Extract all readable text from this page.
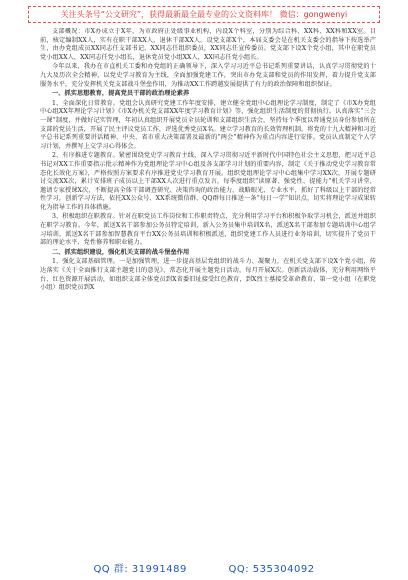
关注头条号“公文研究”，获得最新最全最专业的公文资料库！ 微信：gongwenyi

支部概况：市X办成立于X年，为市政府正处级事业机构，内设X个科室，分别为综合科、XX科、XX科和XX室。目前，核定编制XX人，实有在职干部XX人，退休干部XX人。设党支部X个，本届支委会是在机关支委会的指导下按选举产生，由办党组成员XX同志任支部书记，XX同志任组织委员，XX同志任宣传委员。党支部下设X个党小组，其中在职党员党小组XX人，XX同志任党小组长，退休党员党小组XX人，XX同志任党小组长。

今年以来，我办在市直机关工委和办党组的正确领导下，深入学习习近平总书记系列重要讲话，认真学习贯彻党的十九大及历次全会精神，以党史学习教育为主线，全面加强党建工作，突出市办党支部和党员的作用发挥，着力提升党支部服务水平，充分发挥机关党支部战斗堡垒作用，为推动XX工作跨越发展提供了有力的政治保障和组织保证。

一、抓实思想教育，提高党员干部的政治理论素养

1、全面深化日常教育。党组会认真研究党建工作年度安排，建立健全党组中心组理论学习制度，制定了《市X办党组中心组XX年理论学习计划》《市X办机关党支部XX年度学习教育计划》等，强化组织生活制度的贯彻执行。认真落实“三会一课”制度，并做好记实管理，年初认真组织开展党员全员轮训和支部组织生活会，坚持每个季度以普通党员身份参加所在支部的党员生活，开展了民主评议党员工作，评选优秀党员X名。建立学习教育的长效管理机制，将党的十九大精神和习近平总书记系列重要讲话精神、中央、省市重大决策部署及最新的“两会”精神作为重点内容进行安排。党员认真制定个人学习计划，并撰写上交学习心得体会。

2、有序推进专题教育。紧密围绕党史学习教育主线，深入学习贯彻习近平新时代中国特色社会主义思想，把习近平总书记对XX工作重要指示批示精神作为党组理论学习中心组及各支部学习计划的重要内容，制定《关于推动党史学习教育常态化长效化方案》，严格按照方案要求有序推进党史学习教育开展。组织党组理论学习中心组集中学习XX次，开展专题研讨交流XX次，累计安排班子成员以上干部XX人次进行重点发言，每季度组织“读原著、强党性、提能力”机关学习讲堂，邀请专家授课X次，不断提高全体干部调查研究、决策咨询的政治能力，战略眼光、专业水平，抓好了科级以上干部的经常性学习，创新学习方法，依托XX公众号、XX系统微信群、QQ群每日推送一条“每日一学”知识点，切实将理论学习成果转化为指导工作的具体措施。

3、积极组织在职教育。针对在职党员工作岗位和工作职责特点，充分利用学习平台和积极争取学习机会，派送并组织在职学习教育。今年，派送X名干部参加公务员特定培训，新入公务员集中培训X名，派送X名干部参加专题培训中心组学习培训，派送X名干部参加智慧教育平台XX公务员培训和积极派送，组织党建工作人员进行业务培训，切实提升了党员干部的理论水平、党性修养和职业能力。

二、抓实组织建设，强化机关支部的战斗堡垒作用

1、强化支部基础管理。一是加强管理，进一步提高基层党组织的战斗力、凝聚力，在机关党支部下设X个党小组，传达落实《关于全面推行支部主题党日的意见》，常态化开展主题党日活动，每月开展X次。创新活动载体，充分利用网络平台、红色资源开展活动，如组织支部全体党员到X省委旧址接受红色教育，到X烈士墓接受革命教育，第一党小组（在职党小组）组织党员到X

QQ 群: 31991489	QQ: 535304092
